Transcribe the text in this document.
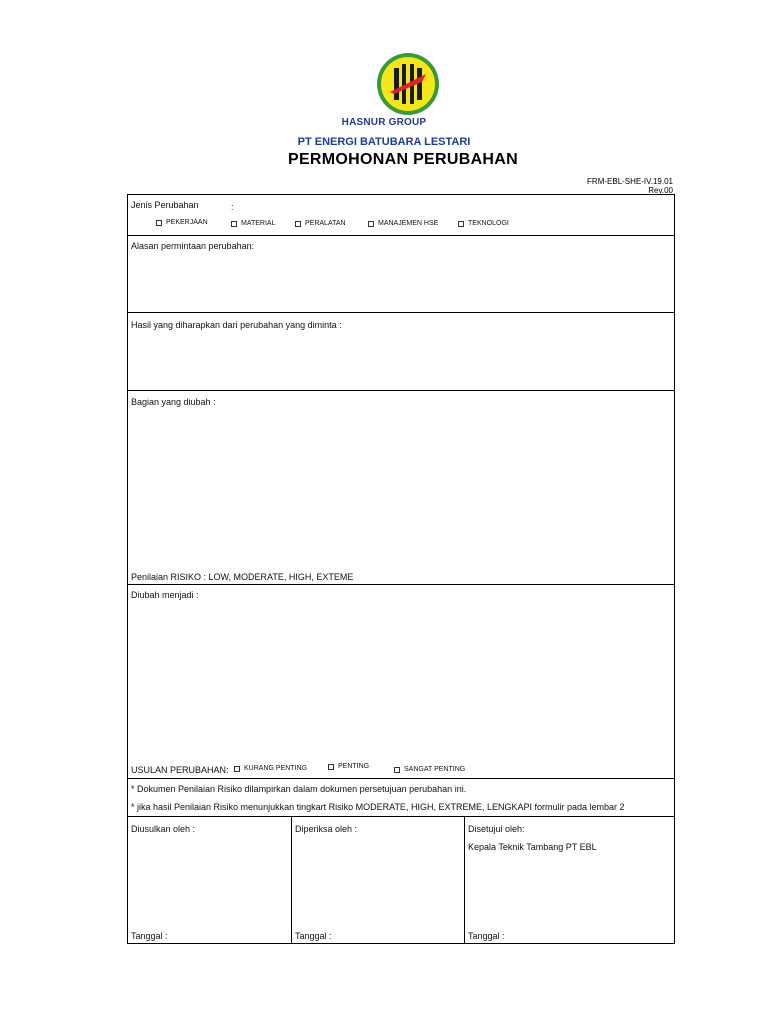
HASNUR GROUP
PT ENERGI BATUBARA LESTARI
PERMOHONAN PERUBAHAN
FRM-EBL-SHE-IV.19.01
Rev.00
Jenis Perubahan	:
PEKERJAAN	MATERIAL	PERALATAN	MANAJEMEN HSE	TEKNOLOGI
Alasan permintaan perubahan:
Hasil yang diharapkan dari perubahan yang diminta :
Bagian yang diubah :
Penilaian RISIKO : LOW, MODERATE, HIGH, EXTEME
Diubah menjadi :
USULAN PERUBAHAN: KURANG PENTING	PENTING	SANGAT PENTING
* Dokumen Penilaian Risiko dilampirkan dalam dokumen persetujuan perubahan ini.
* jika hasil Penilaian Risiko menunjukkan tingkart Risiko MODERATE, HIGH, EXTREME, LENGKAPI formulir pada lembar 2
Diusulkan oleh :	Diperiksa oleh :	Disetujui oleh:
Kepala Teknik Tambang PT EBL
Tanggal :	Tanggal :	Tanggal :
